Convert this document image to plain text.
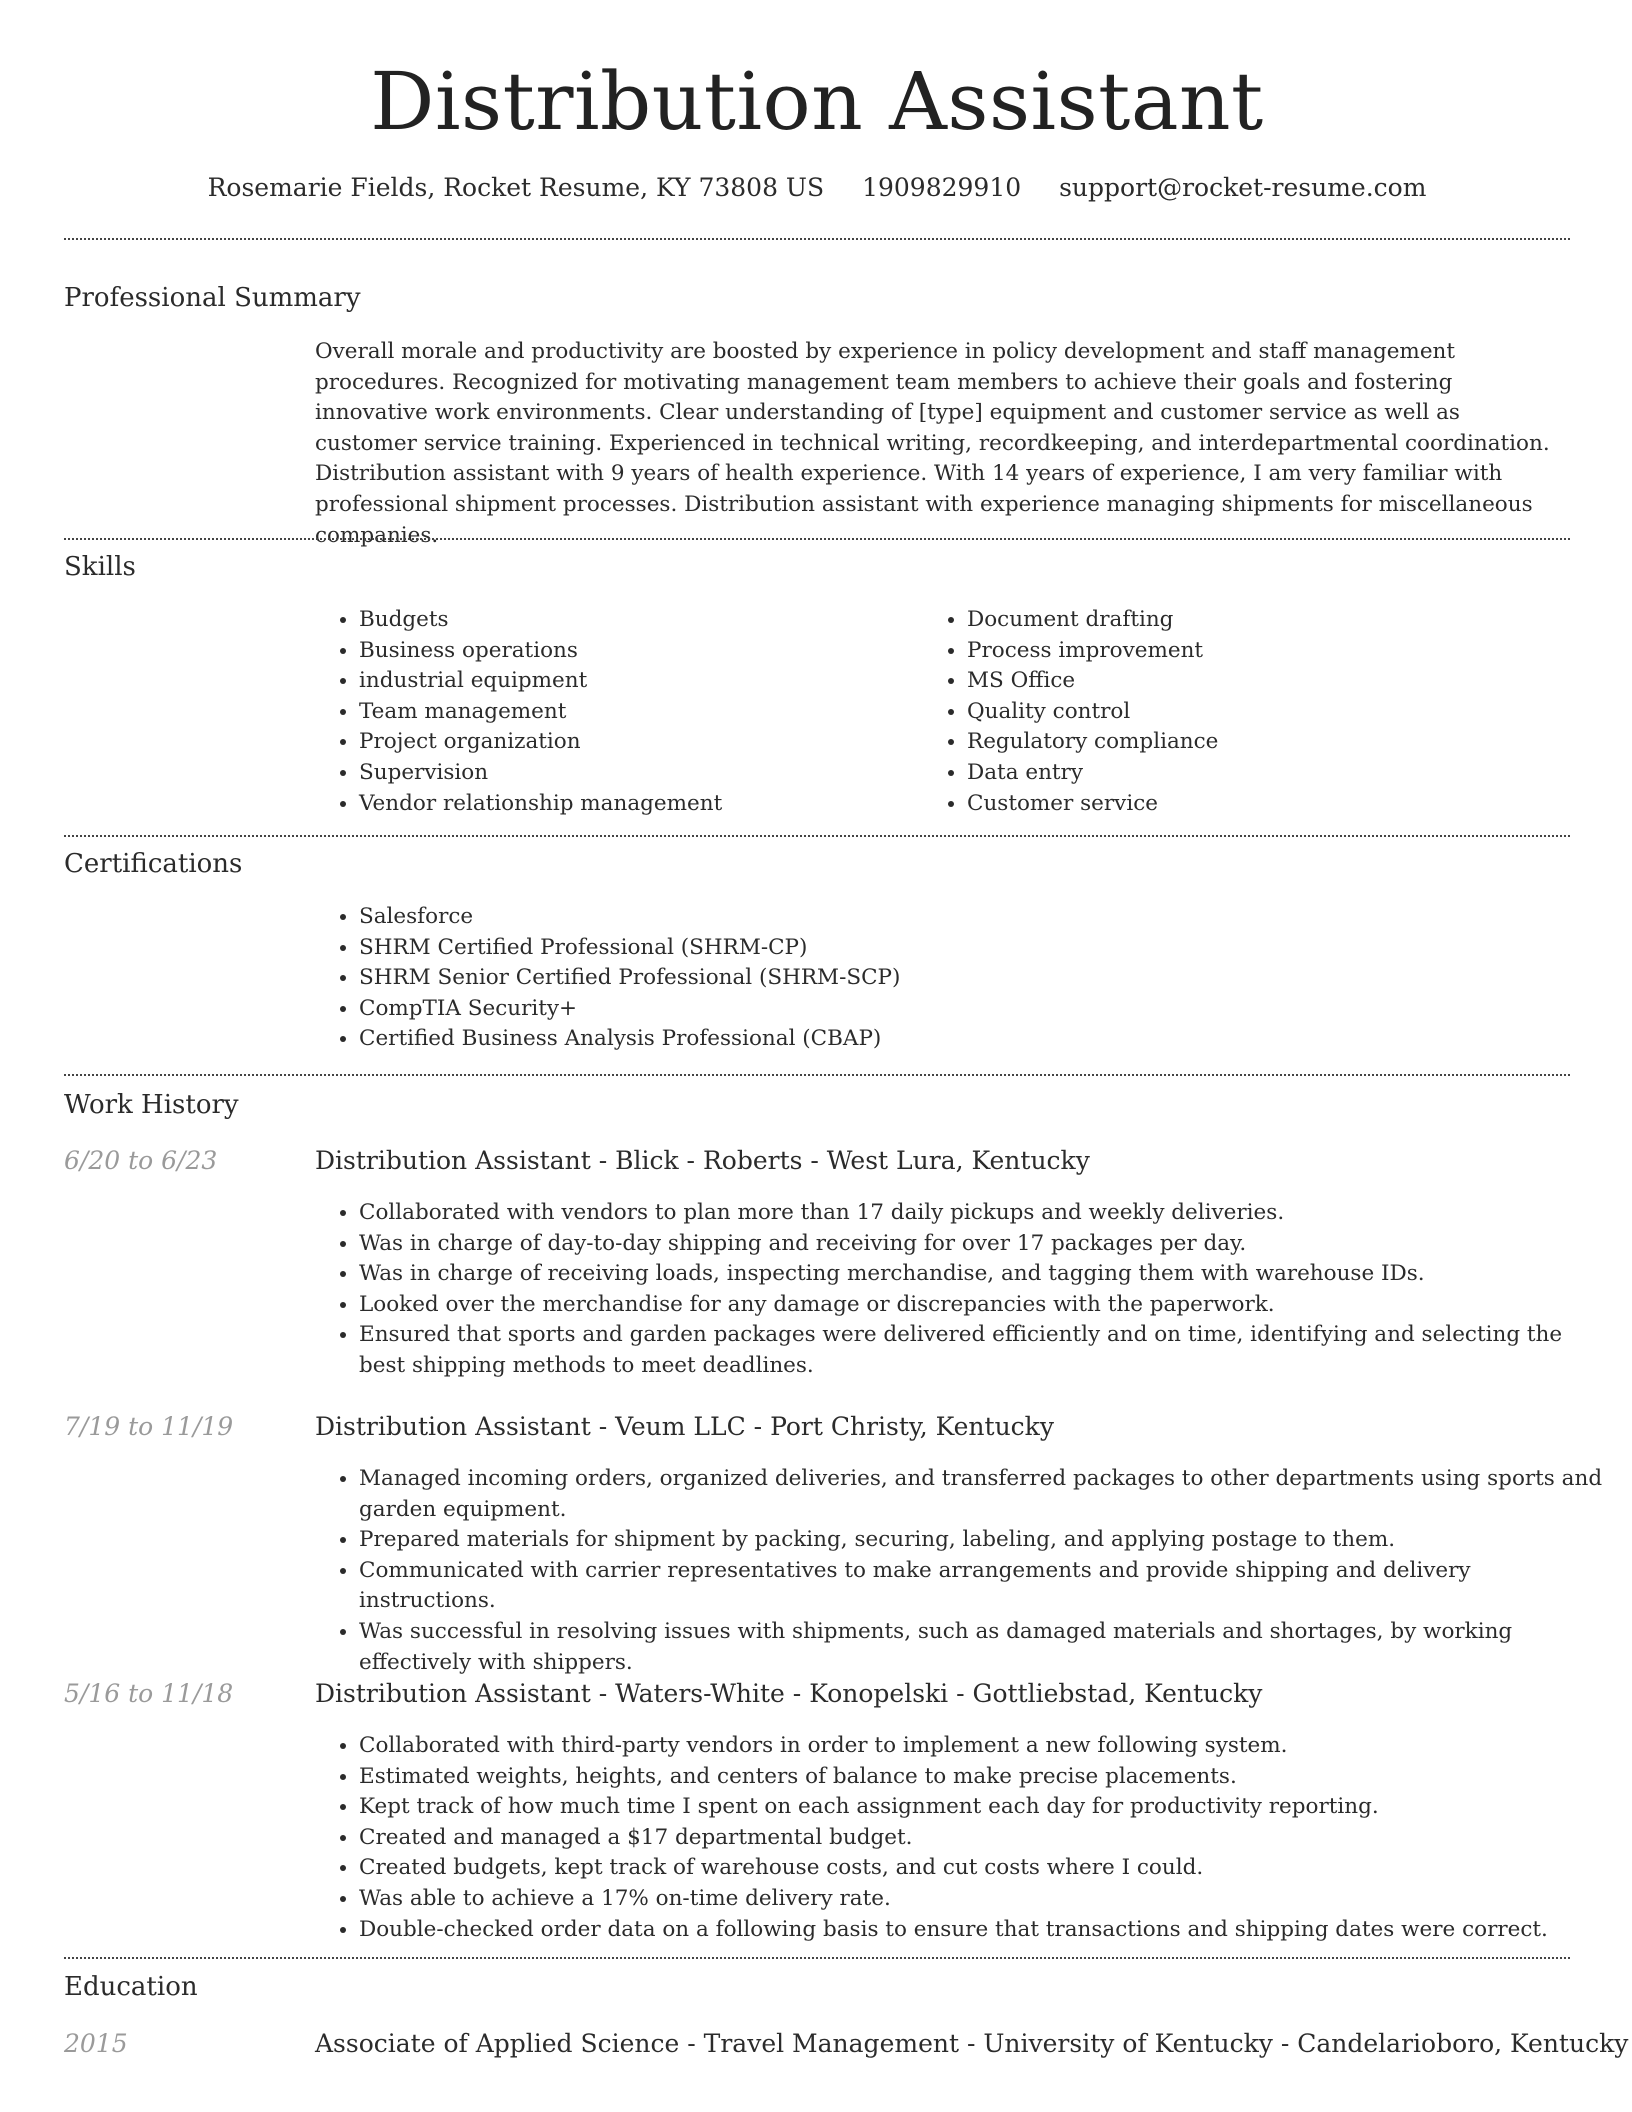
Distribution Assistant
Rosemarie Fields, Rocket Resume, KY 73808 US 1909829910 support@rocket-resume.com
Professional Summary
Overall morale and productivity are boosted by experience in policy development and staff management procedures. Recognized for motivating management team members to achieve their goals and fostering innovative work environments. Clear understanding of [type] equipment and customer service as well as customer service training. Experienced in technical writing, recordkeeping, and interdepartmental coordination. Distribution assistant with 9 years of health experience. With 14 years of experience, I am very familiar with professional shipment processes. Distribution assistant with experience managing shipments for miscellaneous companies.
Skills
• Budgets
• Business operations
• industrial equipment
• Team management
• Project organization
• Supervision
• Vendor relationship management
• Document drafting
• Process improvement
• MS Office
• Quality control
• Regulatory compliance
• Data entry
• Customer service
Certifications
• Salesforce
• SHRM Certified Professional (SHRM-CP)
• SHRM Senior Certified Professional (SHRM-SCP)
• CompTIA Security+
• Certified Business Analysis Professional (CBAP)
Work History
6/20 to 6/23	Distribution Assistant - Blick - Roberts - West Lura, Kentucky
• Collaborated with vendors to plan more than 17 daily pickups and weekly deliveries.
• Was in charge of day-to-day shipping and receiving for over 17 packages per day.
• Was in charge of receiving loads, inspecting merchandise, and tagging them with warehouse IDs.
• Looked over the merchandise for any damage or discrepancies with the paperwork.
• Ensured that sports and garden packages were delivered efficiently and on time, identifying and selecting the best shipping methods to meet deadlines.
7/19 to 11/19	Distribution Assistant - Veum LLC - Port Christy, Kentucky
• Managed incoming orders, organized deliveries, and transferred packages to other departments using sports and garden equipment.
• Prepared materials for shipment by packing, securing, labeling, and applying postage to them.
• Communicated with carrier representatives to make arrangements and provide shipping and delivery instructions.
• Was successful in resolving issues with shipments, such as damaged materials and shortages, by working effectively with shippers.
5/16 to 11/18	Distribution Assistant - Waters-White - Konopelski - Gottliebstad, Kentucky
• Collaborated with third-party vendors in order to implement a new following system.
• Estimated weights, heights, and centers of balance to make precise placements.
• Kept track of how much time I spent on each assignment each day for productivity reporting.
• Created and managed a $17 departmental budget.
• Created budgets, kept track of warehouse costs, and cut costs where I could.
• Was able to achieve a 17% on-time delivery rate.
• Double-checked order data on a following basis to ensure that transactions and shipping dates were correct.
Education
2015	Associate of Applied Science - Travel Management - University of Kentucky - Candelarioboro, Kentucky
